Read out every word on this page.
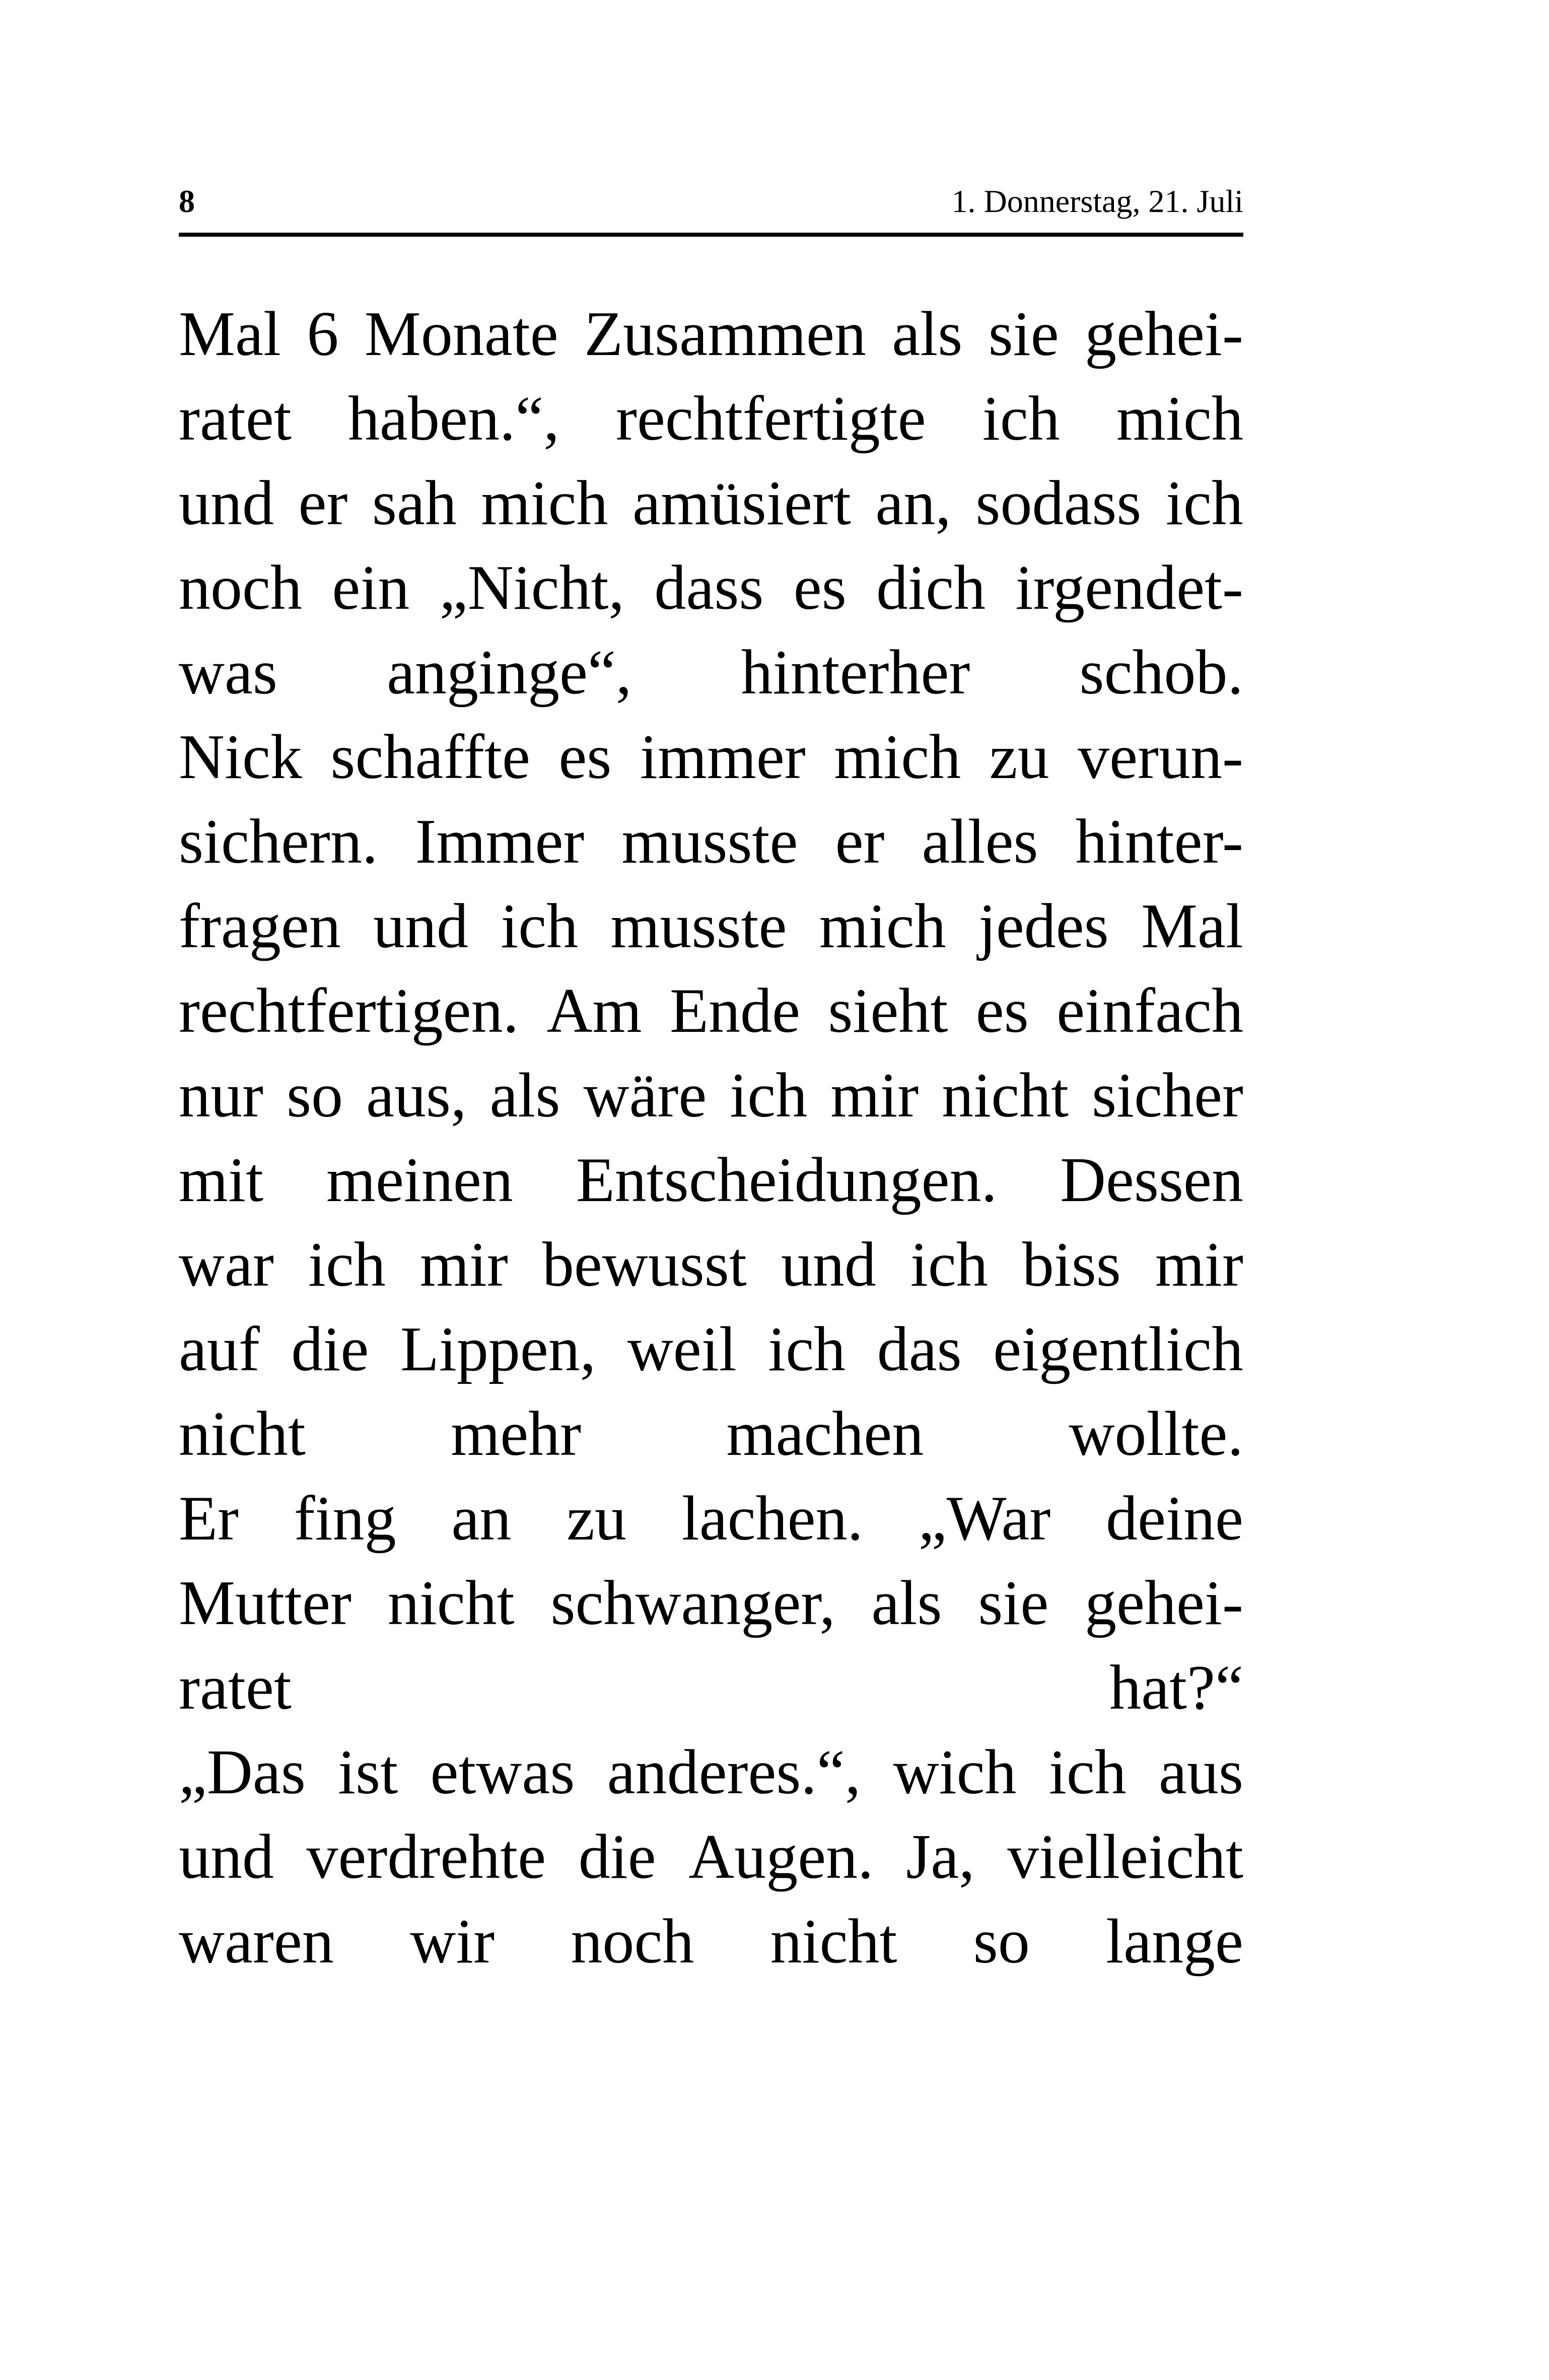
8	1. Donnerstag, 21. Juli
Mal 6 Monate Zusammen als sie gehei-
ratet haben.“, rechtfertigte ich mich
und er sah mich amüsiert an, sodass ich
noch ein „Nicht, dass es dich irgendet-
was anginge“, hinterher schob.
Nick schaffte es immer mich zu verun-
sichern. Immer musste er alles hinter-
fragen und ich musste mich jedes Mal
rechtfertigen. Am Ende sieht es einfach
nur so aus, als wäre ich mir nicht sicher
mit meinen Entscheidungen. Dessen
war ich mir bewusst und ich biss mir
auf die Lippen, weil ich das eigentlich
nicht mehr machen wollte.
Er fing an zu lachen. „War deine
Mutter nicht schwanger, als sie gehei-
ratet	hat?“
„Das ist etwas anderes.“, wich ich aus
und verdrehte die Augen. Ja, vielleicht
waren wir noch nicht so lange
